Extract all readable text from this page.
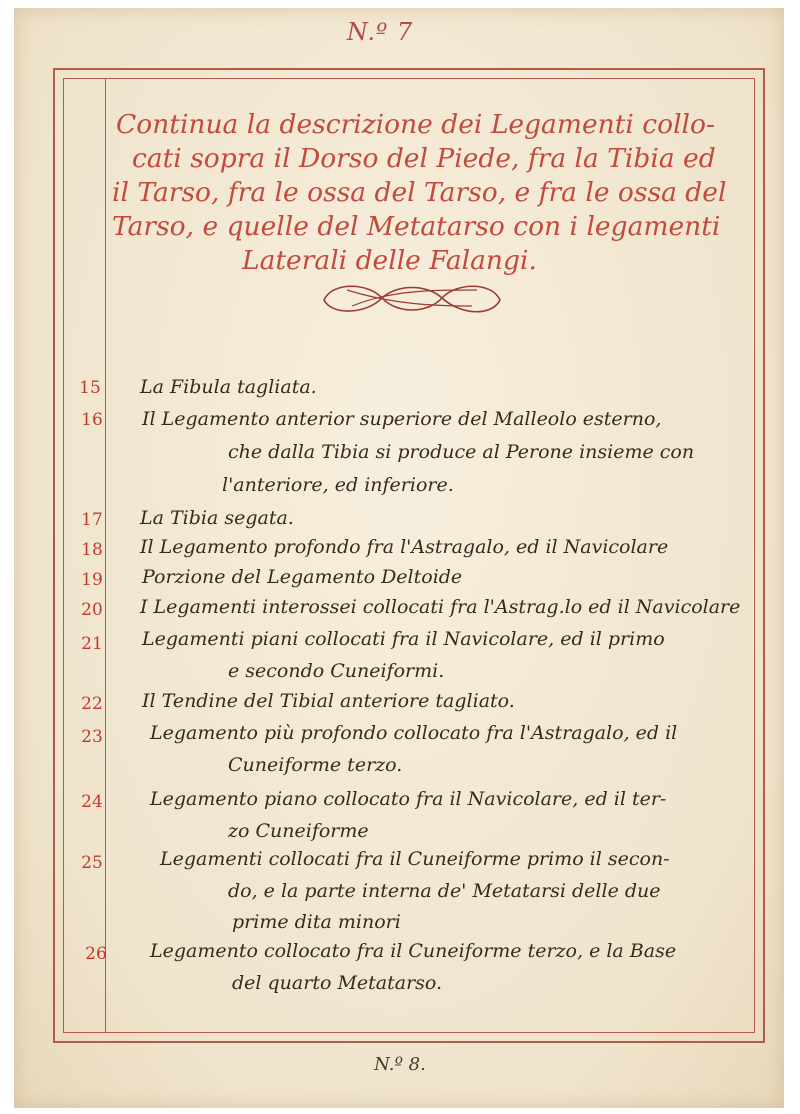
N.º 7
Continua la descrizione dei Legamenti collo-
cati sopra il Dorso del Piede, fra la Tibia ed
il Tarso, fra le ossa del Tarso, e fra le ossa del
Tarso, e quelle del Metatarso con i legamenti
Laterali delle Falangi.
15	La Fibula tagliata.
16	Il Legamento anterior superiore del Malleolo esterno,
che dalla Tibia si produce al Perone insieme con
l'anteriore, ed inferiore.
17	La Tibia segata.
18	Il Legamento profondo fra l'Astragalo, ed il Navicolare
19	Porzione del Legamento Deltoide
20	I Legamenti interossei collocati fra l'Astrag.lo ed il Navicolare
21	Legamenti piani collocati fra il Navicolare, ed il primo
e secondo Cuneiformi.
22	Il Tendine del Tibial anteriore tagliato.
23	Legamento più profondo collocato fra l'Astragalo, ed il
Cuneiforme terzo.
24	Legamento piano collocato fra il Navicolare, ed il ter-
zo Cuneiforme
25	Legamenti collocati fra il Cuneiforme primo il secon-
do, e la parte interna de' Metatarsi delle due
prime dita minori
26	Legamento collocato fra il Cuneiforme terzo, e la Base
del quarto Metatarso.
N.º 8.
